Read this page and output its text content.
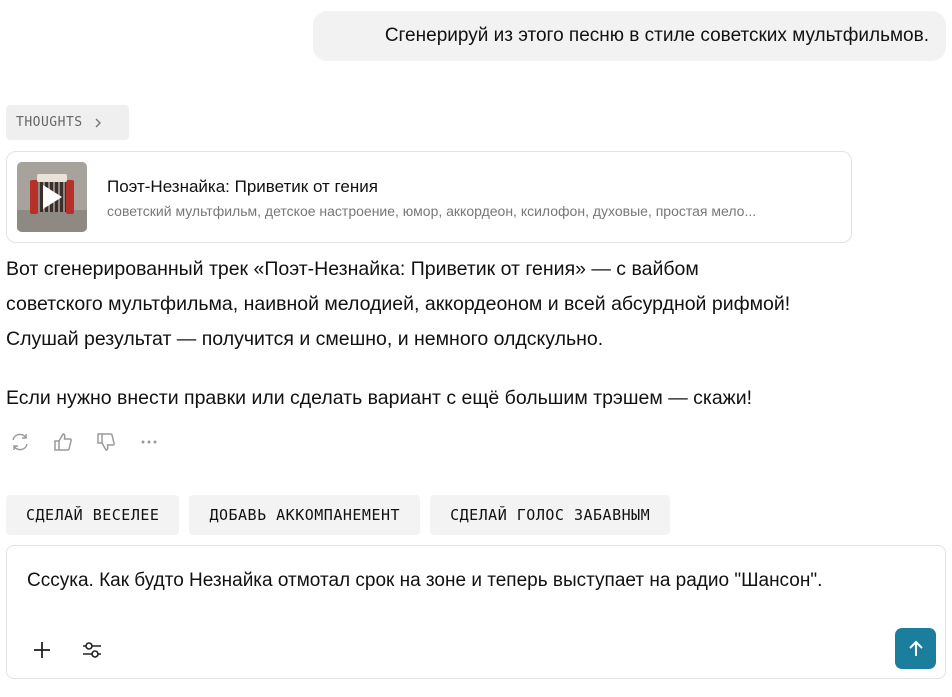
Сгенерируй из этого песню в стиле советских мультфильмов.
THOUGHTS
Поэт-Незнайка: Приветик от гения
советский мультфильм, детское настроение, юмор, аккордеон, ксилофон, духовые, простая мело...

Вот сгенерированный трек «Поэт-Незнайка: Приветик от гения» — с вайбом

советского мультфильма, наивной мелодией, аккордеоном и всей абсурдной рифмой!

Слушай результат — получится и смешно, и немного олдскульно.

Если нужно внести правки или сделать вариант с ещё большим трэшем — скажи!

СДЕЛАЙ ВЕСЕЛЕЕ	ДОБАВЬ АККОМПАНЕМЕНТ	СДЕЛАЙ ГОЛОС ЗАБАВНЫМ
Сссука. Как будто Незнайка отмотал срок на зоне и теперь выступает на радио "Шансон".
